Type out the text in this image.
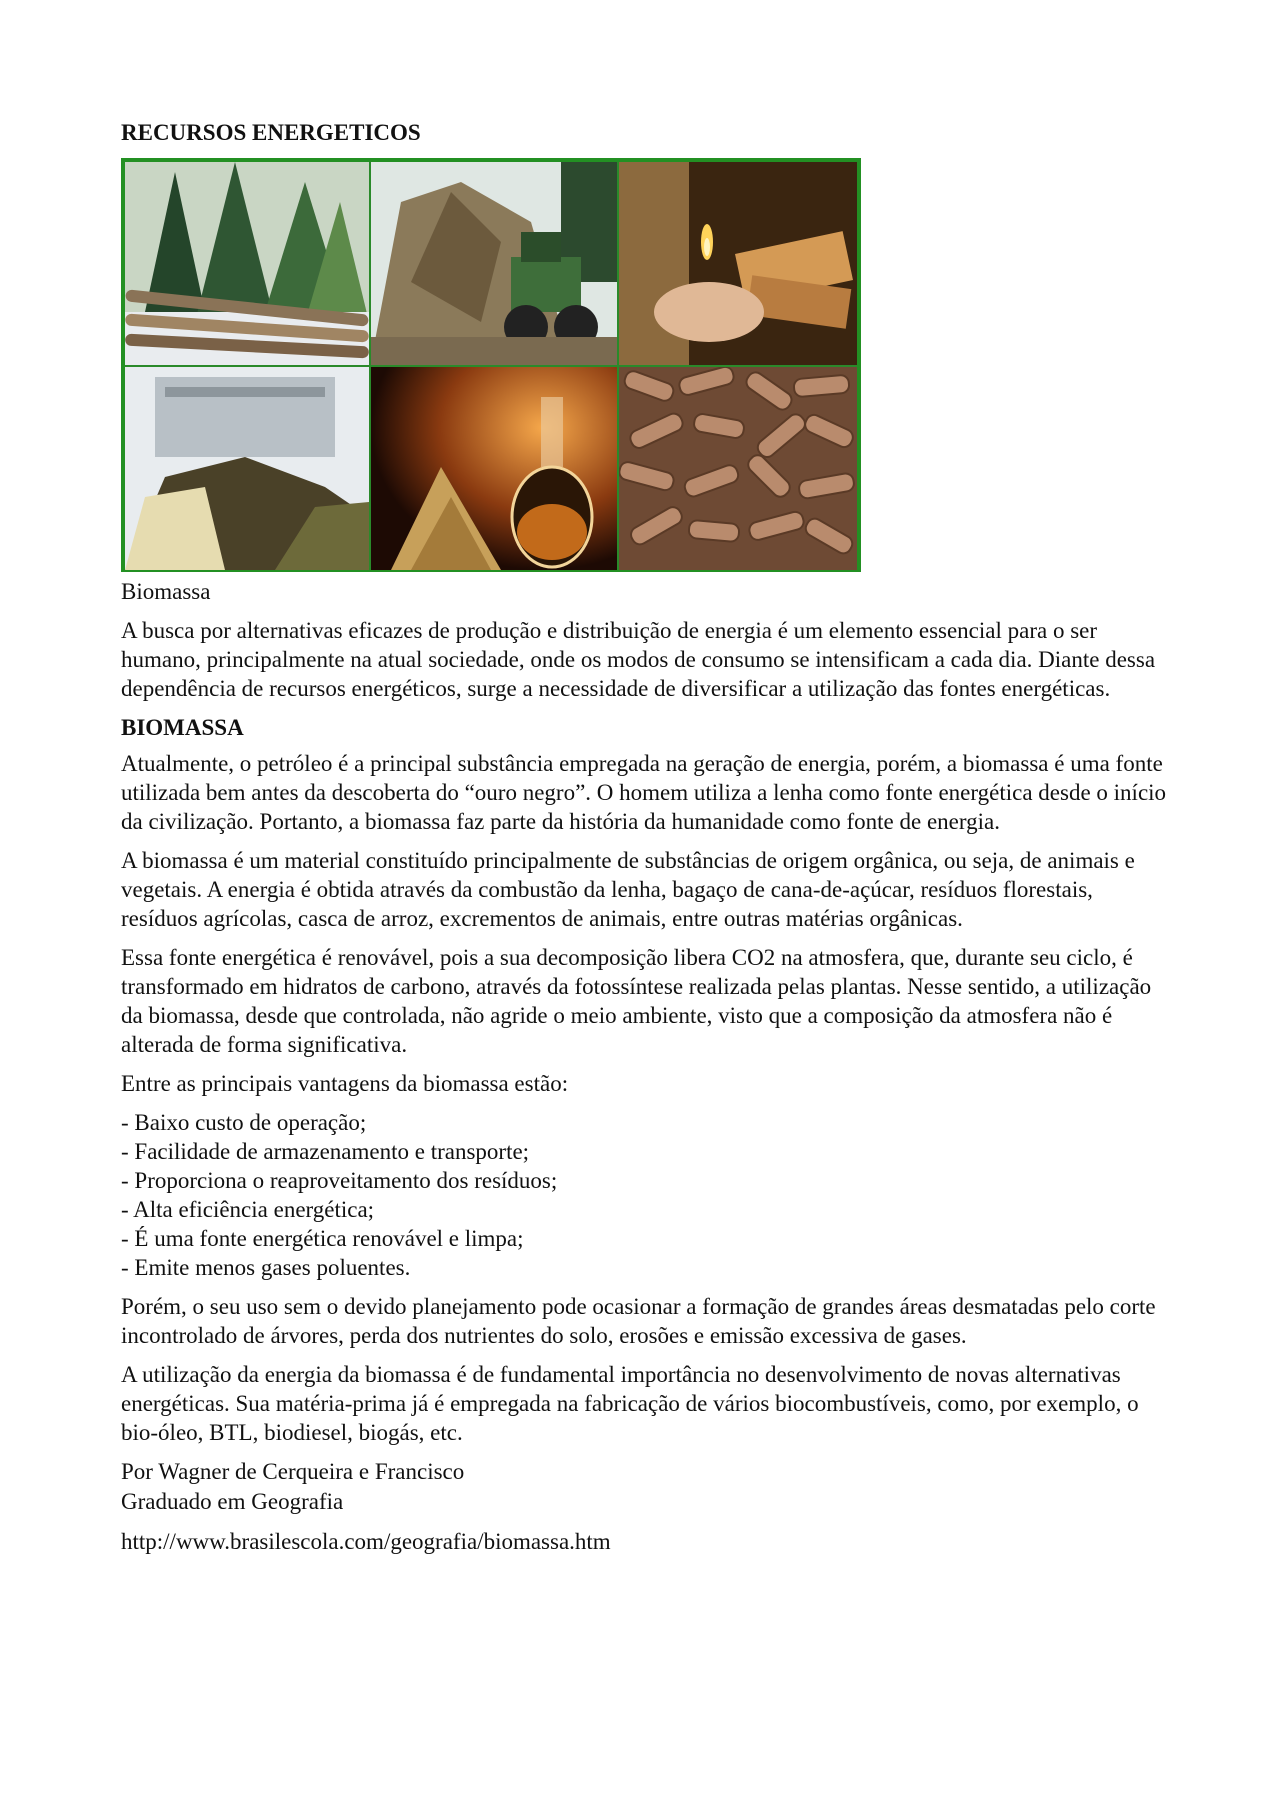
RECURSOS ENERGETICOS
Biomassa

A busca por alternativas eficazes de produção e distribuição de energia é um elemento essencial para o ser humano, principalmente na atual sociedade, onde os modos de consumo se intensificam a cada dia. Diante dessa dependência de recursos energéticos, surge a necessidade de diversificar a utilização das fontes energéticas.

BIOMASSA

Atualmente, o petróleo é a principal substância empregada na geração de energia, porém, a biomassa é uma fonte utilizada bem antes da descoberta do “ouro negro”. O homem utiliza a lenha como fonte energética desde o início da civilização. Portanto, a biomassa faz parte da história da humanidade como fonte de energia.

A biomassa é um material constituído principalmente de substâncias de origem orgânica, ou seja, de animais e vegetais. A energia é obtida através da combustão da lenha, bagaço de cana-de-açúcar, resíduos florestais, resíduos agrícolas, casca de arroz, excrementos de animais, entre outras matérias orgânicas.

Essa fonte energética é renovável, pois a sua decomposição libera CO2 na atmosfera, que, durante seu ciclo, é transformado em hidratos de carbono, através da fotossíntese realizada pelas plantas. Nesse sentido, a utilização da biomassa, desde que controlada, não agride o meio ambiente, visto que a composição da atmosfera não é alterada de forma significativa.

Entre as principais vantagens da biomassa estão:

- Baixo custo de operação;
- Facilidade de armazenamento e transporte;
- Proporciona o reaproveitamento dos resíduos;
- Alta eficiência energética;
- É uma fonte energética renovável e limpa;
- Emite menos gases poluentes.

Porém, o seu uso sem o devido planejamento pode ocasionar a formação de grandes áreas desmatadas pelo corte incontrolado de árvores, perda dos nutrientes do solo, erosões e emissão excessiva de gases.

A utilização da energia da biomassa é de fundamental importância no desenvolvimento de novas alternativas energéticas. Sua matéria-prima já é empregada na fabricação de vários biocombustíveis, como, por exemplo, o bio-óleo, BTL, biodiesel, biogás, etc.

Por Wagner de Cerqueira e Francisco
Graduado em Geografia
http://www.brasilescola.com/geografia/biomassa.htm
